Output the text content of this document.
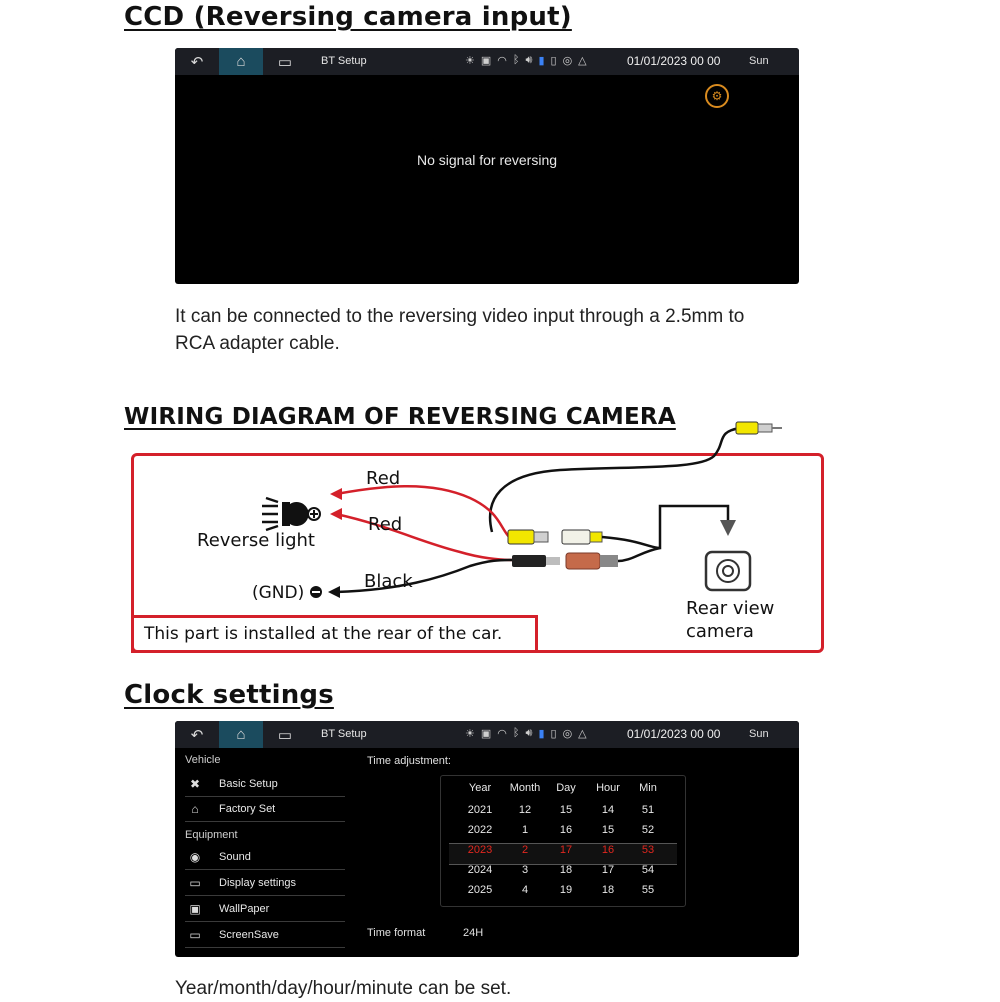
CCD (Reversing camera input)
↶	⌂	▭	BT Setup	☀ ▣ ◠ ᛒ 🔊︎ ▮ ▯ ◎ △	01/01/2023 00 00	Sun
⚙
No signal for reversing
It can be connected to the reversing video input through a 2.5mm to
RCA adapter cable.
WIRING DIAGRAM OF REVERSING CAMERA
Red
Red
Reverse light
Black
(GND)
Rear view
camera
This part is installed at the rear of the car.
Clock settings
↶	⌂	▭	BT Setup	☀ ▣ ◠ ᛒ 🔊︎ ▮ ▯ ◎ △	01/01/2023 00 00	Sun
Vehicle
✖ Basic Setup
⌂	Factory Set
Equipment
◉ Sound
▭ Display settings
▣ WallPaper
▭ ScreenSave
Time adjustment:
Year	Month	Day	Hour	Min
2021	12	15	14	51
2022	1	16	15	52
2023	2	17	16	53
2024	3	18	17	54
2025	4	19	18	55
Time format	24H
Year/month/day/hour/minute can be set.
